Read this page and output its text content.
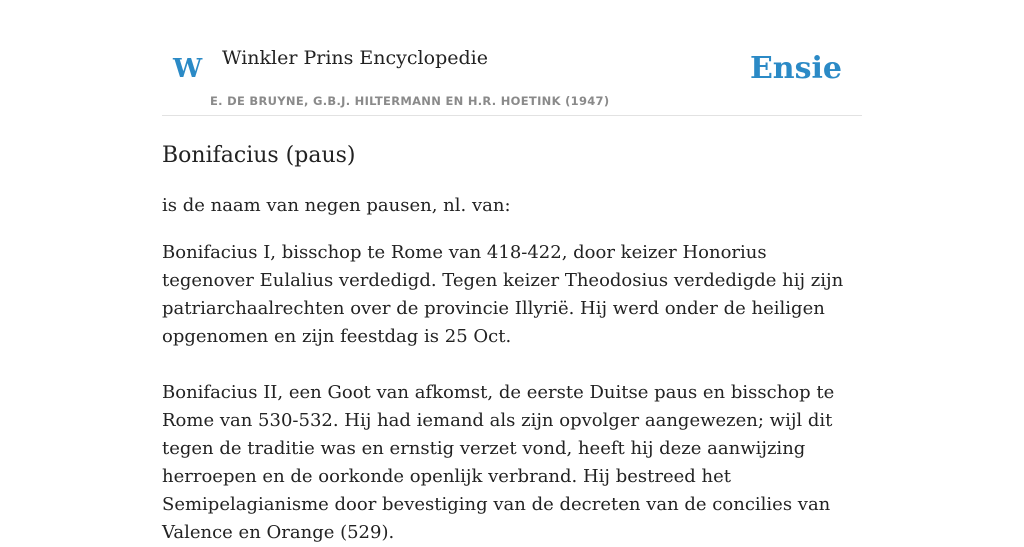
W Winkler Prins Encyclopedie
E. DE BRUYNE, G.B.J. HILTERMANN EN H.R. HOETINK (1947)
Ensie
Bonifacius (paus)

is de naam van negen pausen, nl. van:

Bonifacius I, bisschop te Rome van 418-422, door keizer Honorius tegenover Eulalius verdedigd. Tegen keizer Theodosius verdedigde hij zijn patriarchaalrechten over de provincie Illyrië. Hij werd onder de heiligen opgenomen en zijn feestdag is 25 Oct.

Bonifacius II, een Goot van afkomst, de eerste Duitse paus en bisschop te Rome van 530-532. Hij had iemand als zijn opvolger aangewezen; wijl dit tegen de traditie was en ernstig verzet vond, heeft hij deze aanwijzing herroepen en de oorkonde openlijk verbrand. Hij bestreed het Semipelagianisme door bevestiging van de decreten van de concilies van Valence en Orange (529).
